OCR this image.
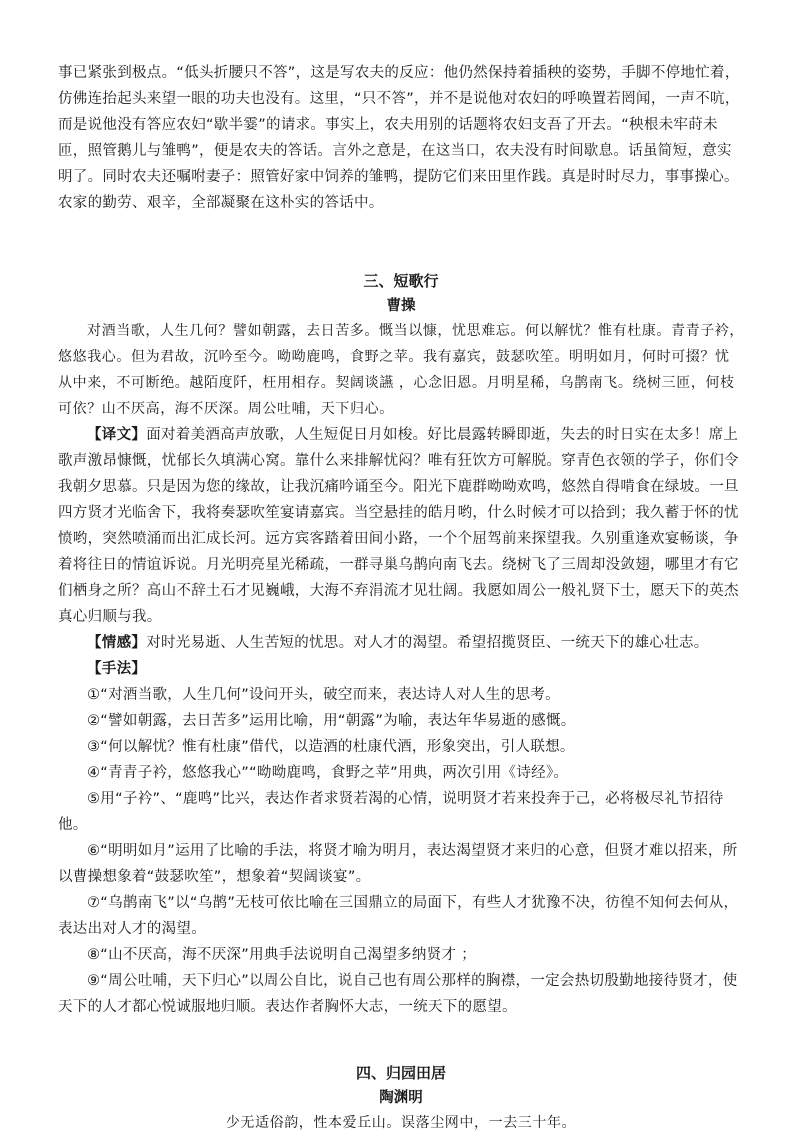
事已紧张到极点。“低头折腰只不答”，这是写农夫的反应：他仍然保持着插秧的姿势，手脚不停地忙着，仿佛连抬起头来望一眼的功夫也没有。这里，“只不答”，并不是说他对农妇的呼唤置若罔闻，一声不吭，而是说他没有答应农妇“歇半霎”的请求。事实上，农夫用别的话题将农妇支吾了开去。“秧根未牢莳未匝，照管鹅儿与雏鸭”，便是农夫的答话。言外之意是，在这当口，农夫没有时间歇息。话虽简短，意实明了。同时农夫还嘱咐妻子：照管好家中饲养的雏鸭，提防它们来田里作践。真是时时尽力，事事操心。农家的勤劳、艰辛，全部凝聚在这朴实的答话中。

三、短歌行

曹操

对酒当歌，人生几何？譬如朝露，去日苦多。慨当以慷，忧思难忘。何以解忧？惟有杜康。青青子衿，悠悠我心。但为君故，沉吟至今。呦呦鹿鸣，食野之苹。我有嘉宾，鼓瑟吹笙。明明如月，何时可掇？忧从中来，不可断绝。越陌度阡，枉用相存。契阔谈讌 ，心念旧恩。月明星稀，乌鹊南飞。绕树三匝，何枝可依？山不厌高，海不厌深。周公吐哺，天下归心。

【译文】面对着美酒高声放歌，人生短促日月如梭。好比晨露转瞬即逝，失去的时日实在太多！席上歌声激昂慷慨，忧郁长久填满心窝。靠什么来排解忧闷？唯有狂饮方可解脱。穿青色衣领的学子，你们令我朝夕思慕。只是因为您的缘故，让我沉痛吟诵至今。阳光下鹿群呦呦欢鸣，悠然自得啃食在绿坡。一旦四方贤才光临舍下，我将奏瑟吹笙宴请嘉宾。当空悬挂的皓月哟，什么时候才可以拾到；我久蓄于怀的忧愤哟，突然喷涌而出汇成长河。远方宾客踏着田间小路，一个个屈驾前来探望我。久别重逢欢宴畅谈，争着将往日的情谊诉说。月光明亮星光稀疏，一群寻巢乌鹊向南飞去。绕树飞了三周却没敛翅，哪里才有它们栖身之所？高山不辞土石才见巍峨，大海不弃涓流才见壮阔。我愿如周公一般礼贤下士，愿天下的英杰真心归顺与我。

【情感】对时光易逝、人生苦短的忧思。对人才的渴望。希望招揽贤臣、一统天下的雄心壮志。

【手法】

①“对酒当歌，人生几何”设问开头，破空而来，表达诗人对人生的思考。

②“譬如朝露，去日苦多”运用比喻，用“朝露”为喻，表达年华易逝的感慨。

③“何以解忧？惟有杜康”借代，以造酒的杜康代酒，形象突出，引人联想。

④“青青子衿，悠悠我心”“呦呦鹿鸣，食野之苹”用典，两次引用《诗经》。

⑤用“子衿”、“鹿鸣”比兴，表达作者求贤若渴的心情，说明贤才若来投奔于己，必将极尽礼节招待他。

⑥“明明如月”运用了比喻的手法，将贤才喻为明月，表达渴望贤才来归的心意，但贤才难以招来，所以曹操想象着“鼓瑟吹笙”，想象着“契阔谈宴”。

⑦“乌鹊南飞”以“乌鹊”无枝可依比喻在三国鼎立的局面下，有些人才犹豫不决，彷徨不知何去何从，表达出对人才的渴望。

⑧“山不厌高，海不厌深”用典手法说明自己渴望多纳贤才 ；

⑨“周公吐哺，天下归心”以周公自比，说自己也有周公那样的胸襟，一定会热切殷勤地接待贤才，使天下的人才都心悦诚服地归顺。表达作者胸怀大志，一统天下的愿望。

四、归园田居

陶渊明

少无适俗韵，性本爱丘山。误落尘网中，一去三十年。
